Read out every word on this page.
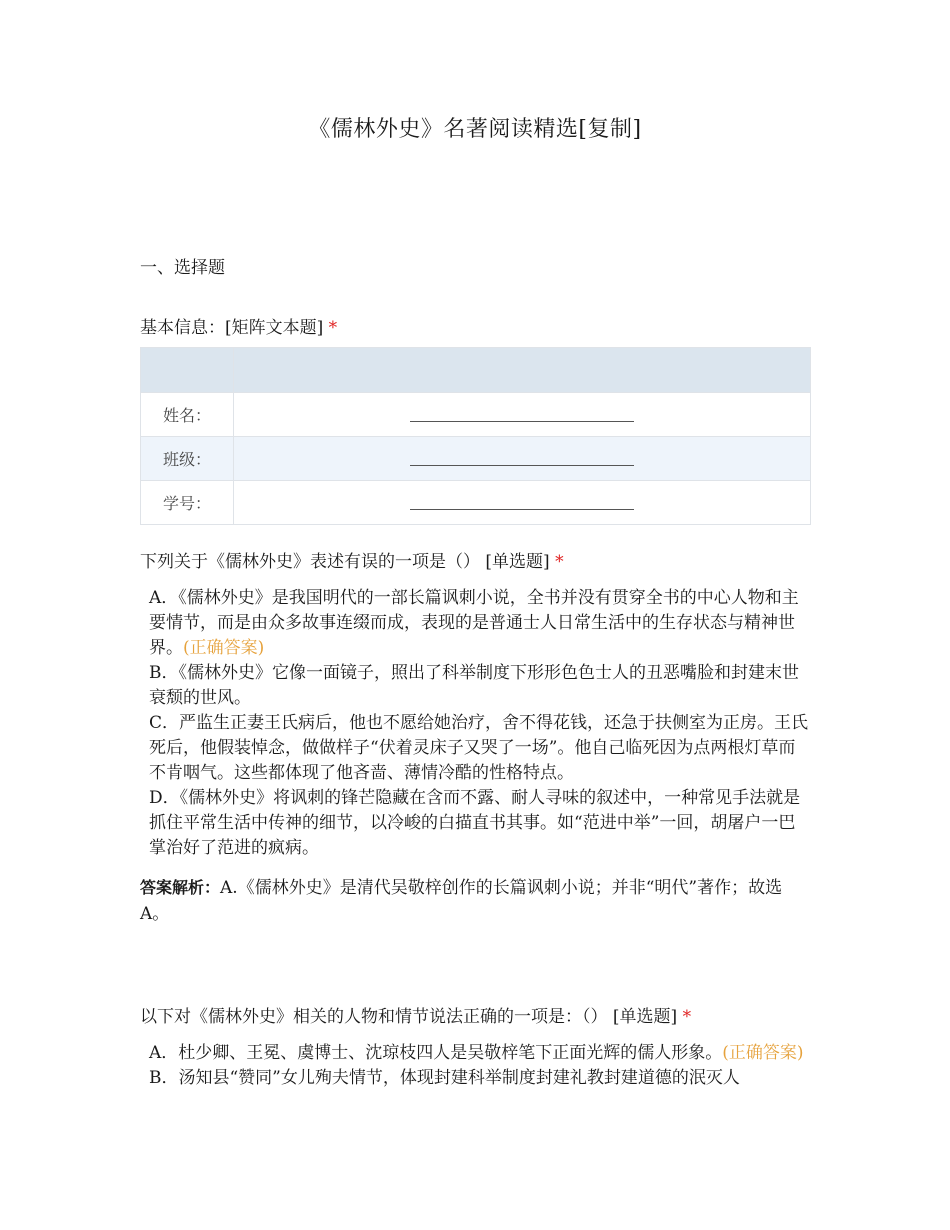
《儒林外史》名著阅读精选[复制]
一、选择题
基本信息：[矩阵文本题] *

姓名：	
班级：	
学号：	
下列关于《儒林外史》表述有误的一项是（） [单选题] *

A．《儒林外史》是我国明代的一部长篇讽刺小说，全书并没有贯穿全书的中心人物和主要情节，而是由众多故事连缀而成，表现的是普通士人日常生活中的生存状态与精神世界。(正确答案)

B．《儒林外史》它像一面镜子，照出了科举制度下形形色色士人的丑恶嘴脸和封建末世衰颓的世风。

C．严监生正妻王氏病后，他也不愿给她治疗，舍不得花钱，还急于扶侧室为正房。王氏死后，他假装悼念，做做样子“伏着灵床子又哭了一场”。他自己临死因为点两根灯草而不肯咽气。这些都体现了他吝啬、薄情冷酷的性格特点。

D．《儒林外史》将讽刺的锋芒隐藏在含而不露、耐人寻味的叙述中，一种常见手法就是抓住平常生活中传神的细节，以冷峻的白描直书其事。如“范进中举”一回，胡屠户一巴掌治好了范进的疯病。

答案解析：A.《儒林外史》是清代吴敬梓创作的长篇讽刺小说；并非“明代”著作；故选 A。
以下对《儒林外史》相关的人物和情节说法正确的一项是：（） [单选题] *

A．杜少卿、王冕、虞博士、沈琼枝四人是吴敬梓笔下正面光辉的儒人形象。(正确答案)

B．汤知县“赞同”女儿殉夫情节，体现封建科举制度封建礼教封建道德的泯灭人
